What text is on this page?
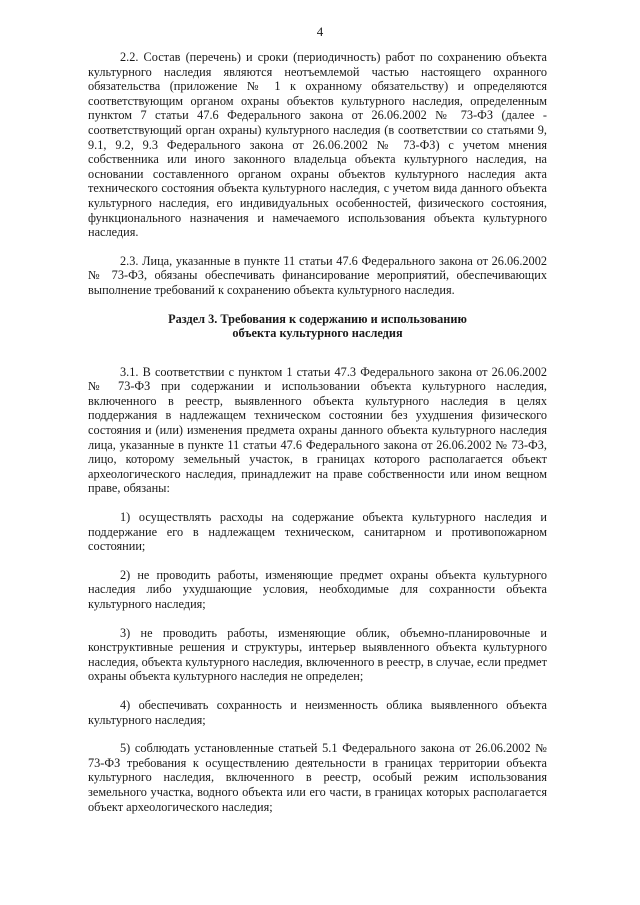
4

2.2. Состав (перечень) и сроки (периодичность) работ по сохранению объекта культурного наследия являются неотъемлемой частью настоящего охранного обязательства (приложение № 1 к охранному обязательству) и определяются соответствующим органом охраны объектов культурного наследия, определенным пунктом 7 статьи 47.6 Федерального закона от 26.06.2002 № 73-ФЗ (далее - соответствующий орган охраны) культурного наследия (в соответствии со статьями 9, 9.1, 9.2, 9.3 Федерального закона от 26.06.2002 № 73-ФЗ) с учетом мнения собственника или иного законного владельца объекта культурного наследия, на основании составленного органом охраны объектов культурного наследия акта технического состояния объекта культурного наследия, с учетом вида данного объекта культурного наследия, его индивидуальных особенностей, физического состояния, функционального назначения и намечаемого использования объекта культурного наследия.

2.3. Лица, указанные в пункте 11 статьи 47.6 Федерального закона от 26.06.2002 № 73-ФЗ, обязаны обеспечивать финансирование мероприятий, обеспечивающих выполнение требований к сохранению объекта культурного наследия.

Раздел 3. Требования к содержанию и использованию
объекта культурного наследия

3.1. В соответствии с пунктом 1 статьи 47.3 Федерального закона от 26.06.2002 № 73-ФЗ при содержании и использовании объекта культурного наследия, включенного в реестр, выявленного объекта культурного наследия в целях поддержания в надлежащем техническом состоянии без ухудшения физического состояния и (или) изменения предмета охраны данного объекта культурного наследия лица, указанные в пункте 11 статьи 47.6 Федерального закона от 26.06.2002 № 73-ФЗ, лицо, которому земельный участок, в границах которого располагается объект археологического наследия, принадлежит на праве собственности или ином вещном праве, обязаны:

1) осуществлять расходы на содержание объекта культурного наследия и поддержание его в надлежащем техническом, санитарном и противопожарном состоянии;

2) не проводить работы, изменяющие предмет охраны объекта культурного наследия либо ухудшающие условия, необходимые для сохранности объекта культурного наследия;

3) не проводить работы, изменяющие облик, объемно-планировочные и конструктивные решения и структуры, интерьер выявленного объекта культурного наследия, объекта культурного наследия, включенного в реестр, в случае, если предмет охраны объекта культурного наследия не определен;

4) обеспечивать сохранность и неизменность облика выявленного объекта культурного наследия;

5) соблюдать установленные статьей 5.1 Федерального закона от 26.06.2002 № 73-ФЗ требования к осуществлению деятельности в границах территории объекта культурного наследия, включенного в реестр, особый режим использования земельного участка, водного объекта или его части, в границах которых располагается объект археологического наследия;
